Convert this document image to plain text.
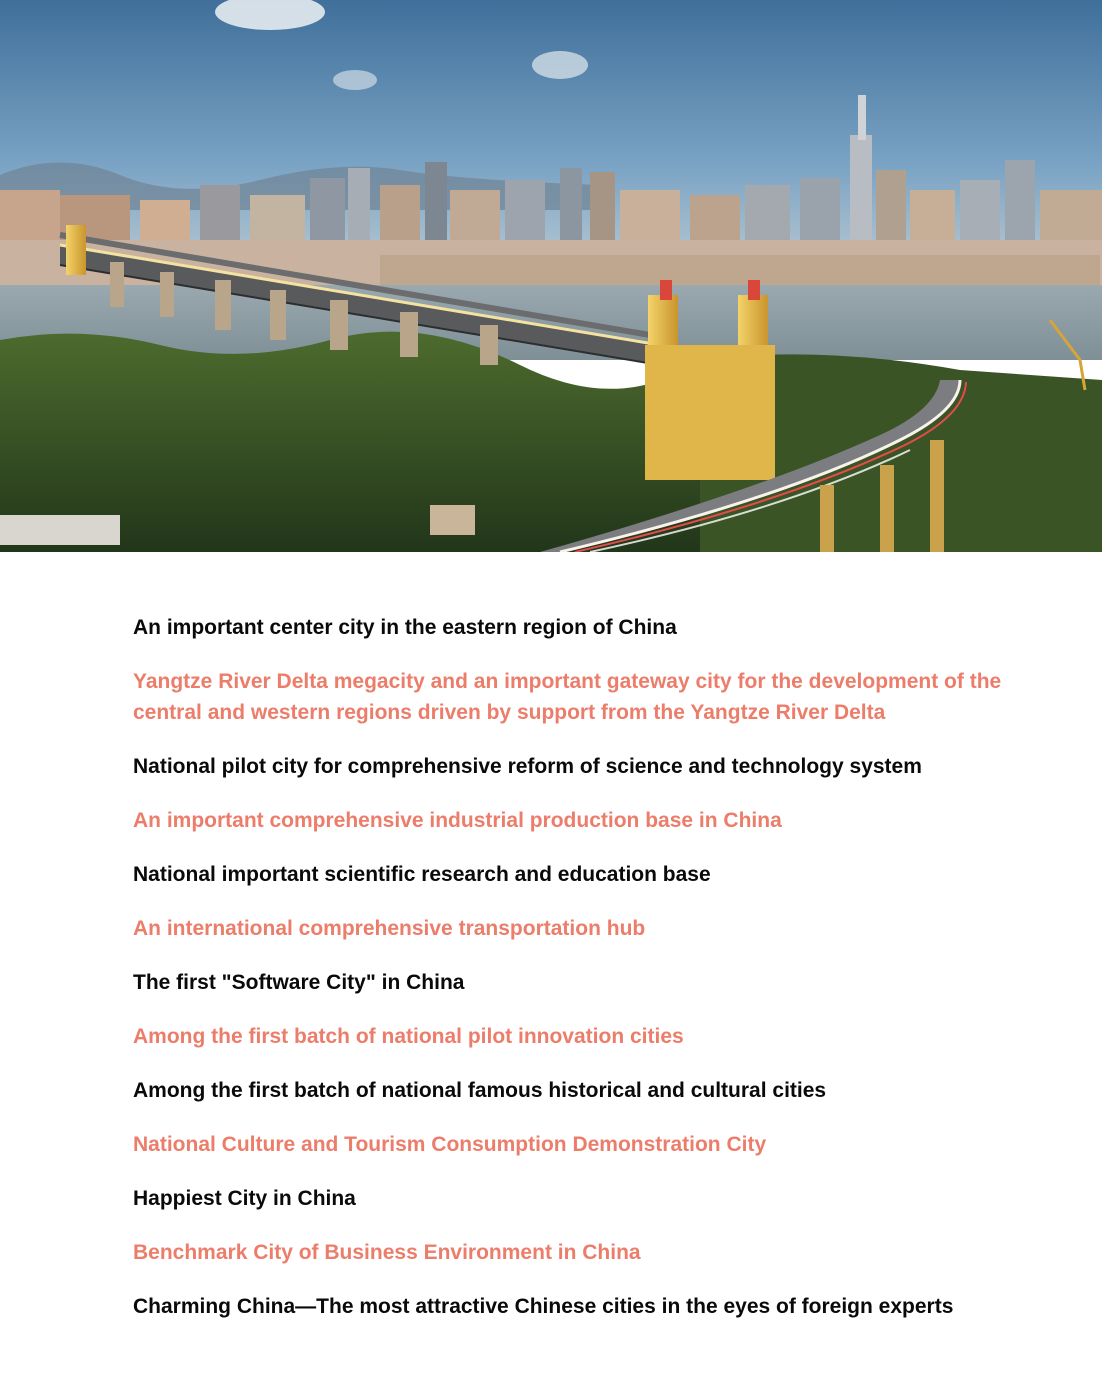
An important center city in the eastern region of China
Yangtze River Delta megacity and an important gateway city for the development of the central and western regions driven by support from the Yangtze River Delta
National pilot city for comprehensive reform of science and technology system
An important comprehensive industrial production base in China
National important scientific research and education base
An international comprehensive transportation hub
The first "Software City" in China
Among the first batch of national pilot innovation cities
Among the first batch of national famous historical and cultural cities
National Culture and Tourism Consumption Demonstration City
Happiest City in China
Benchmark City of Business Environment in China
Charming China—The most attractive Chinese cities in the eyes of foreign experts
